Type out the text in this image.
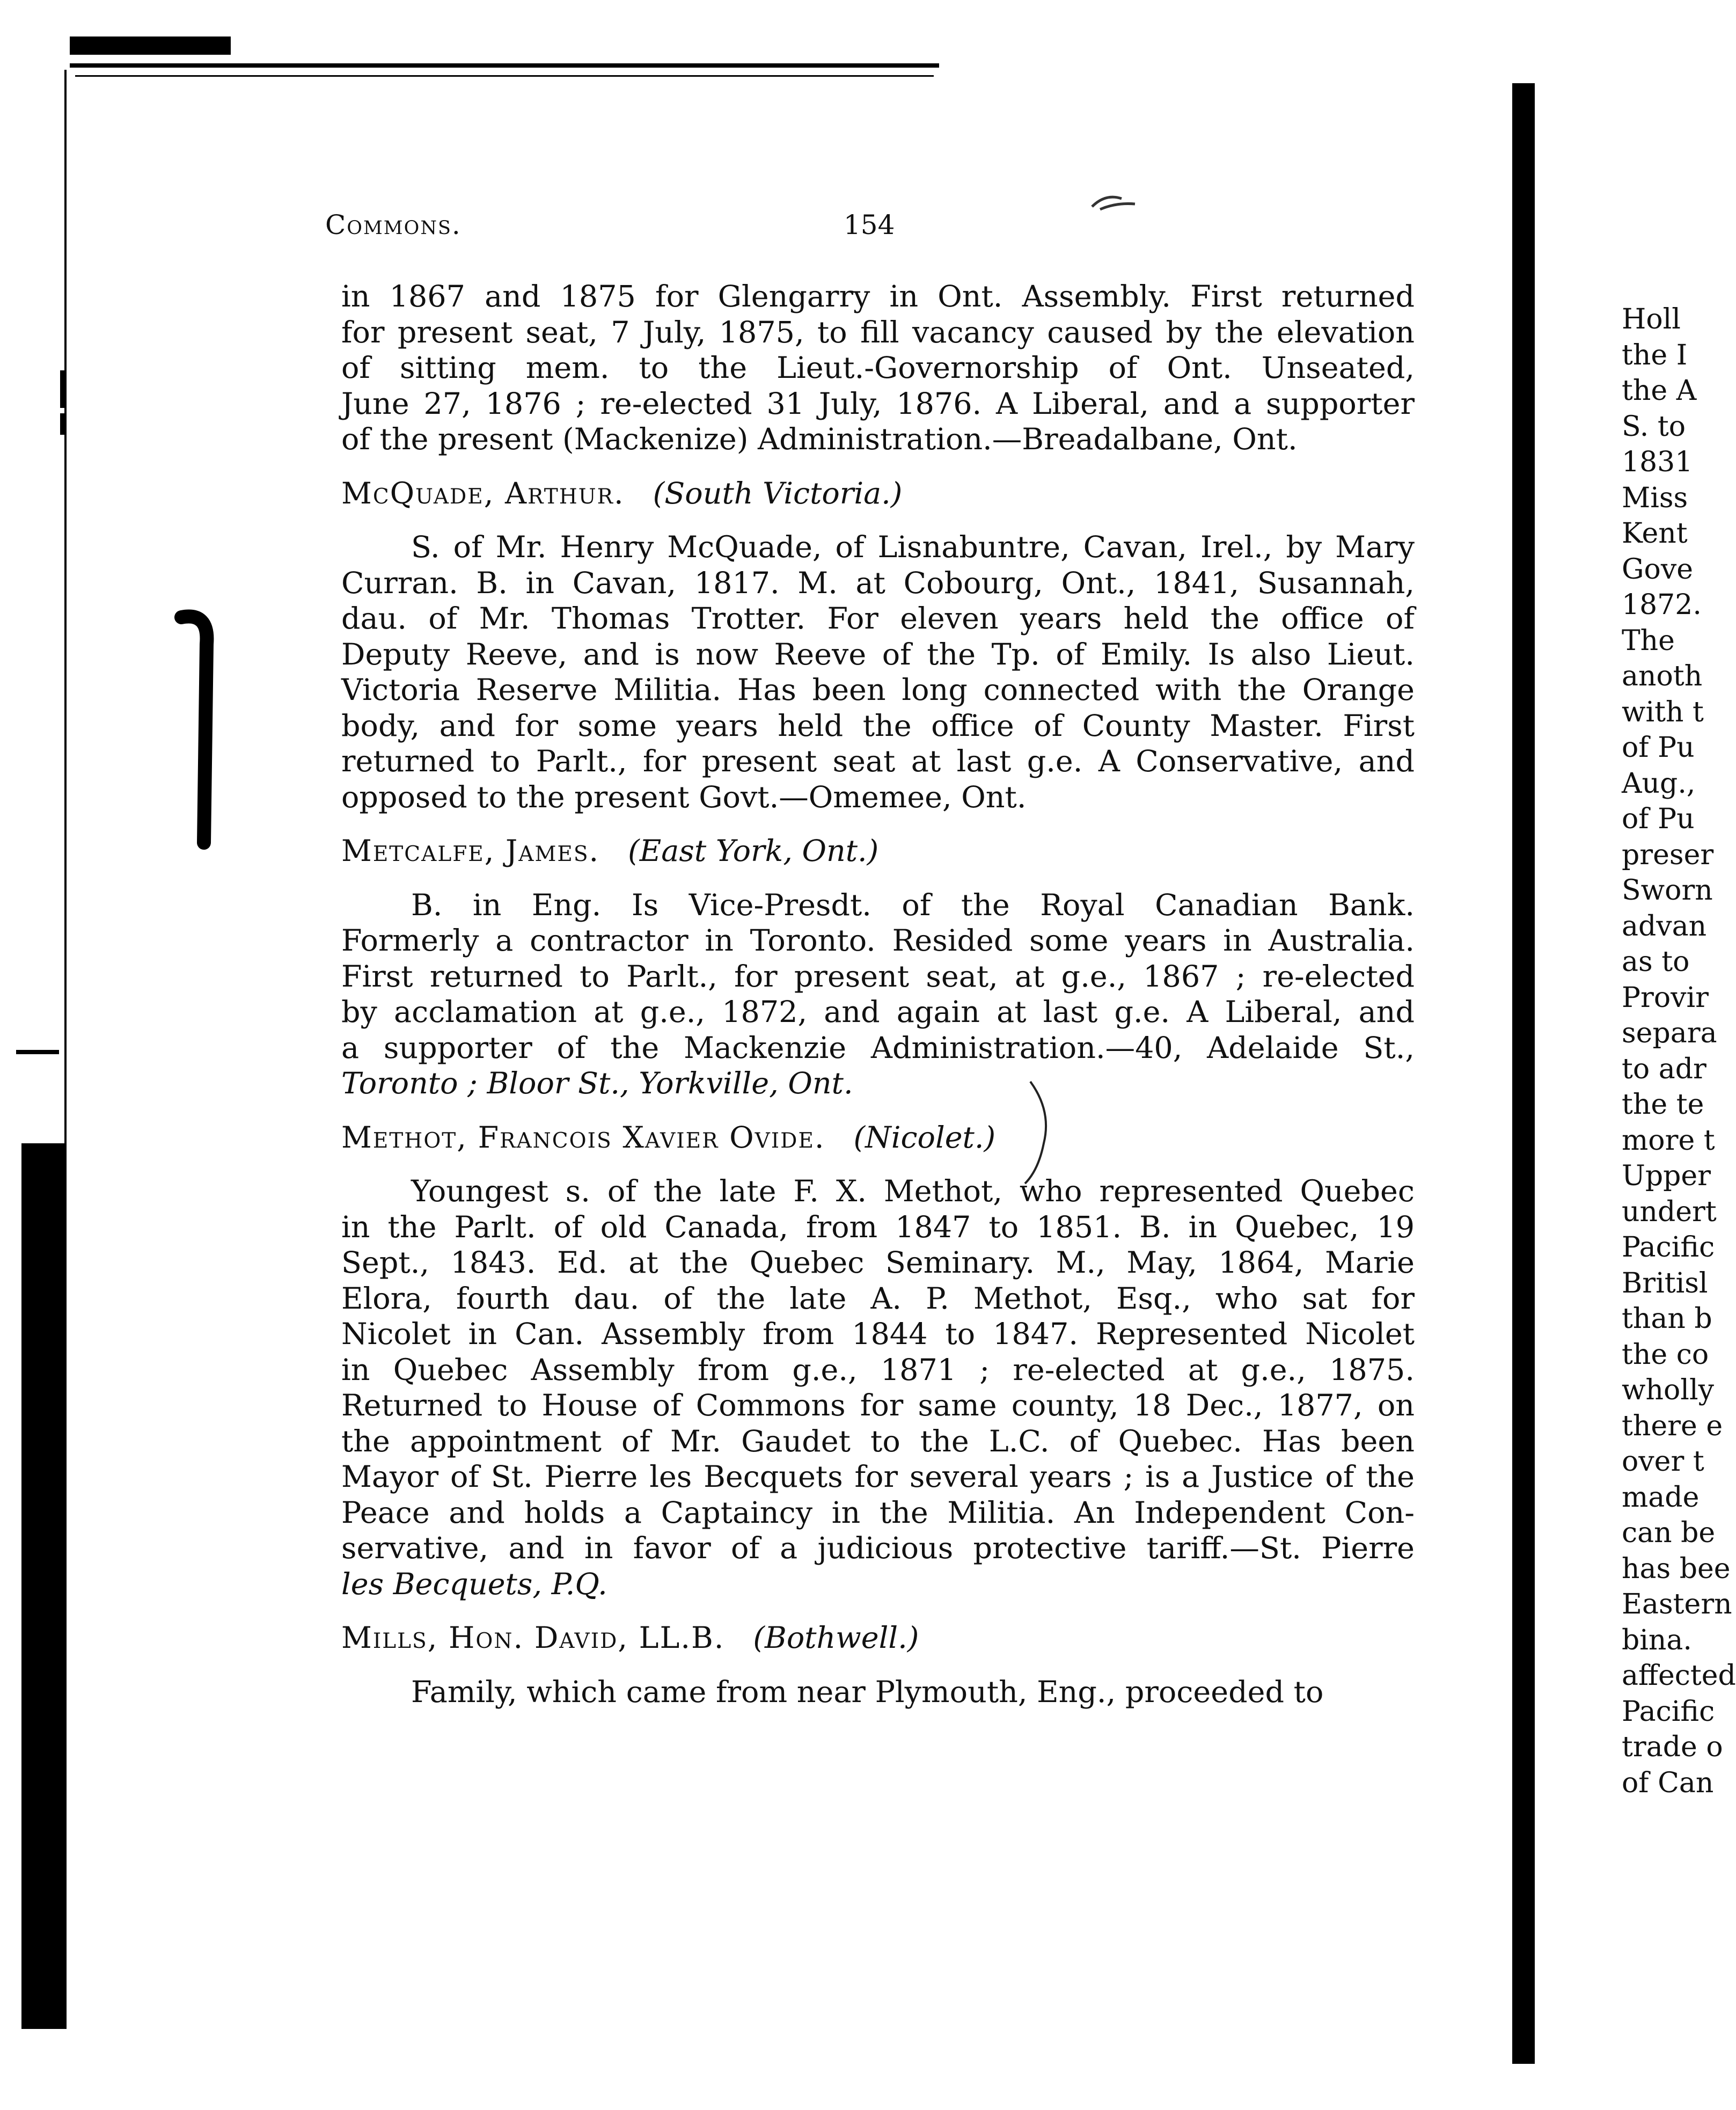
Commons.	154

in 1867 and 1875 for Glengarry in Ont. Assembly. First returned

for present seat, 7 July, 1875, to fill vacancy caused by the elevation

of sitting mem. to the Lieut.-Governorship of Ont. Unseated,

June 27, 1876 ; re-elected 31 July, 1876. A Liberal, and a supporter

of the present (Mackenize) Administration.—Breadalbane, Ont.

McQuade, Arthur. (South Victoria.)

S. of Mr. Henry McQuade, of Lisnabuntre, Cavan, Irel., by Mary

Curran. B. in Cavan, 1817. M. at Cobourg, Ont., 1841, Susannah,

dau. of Mr. Thomas Trotter. For eleven years held the office of

Deputy Reeve, and is now Reeve of the Tp. of Emily. Is also Lieut.

Victoria Reserve Militia. Has been long connected with the Orange

body, and for some years held the office of County Master. First

returned to Parlt., for present seat at last g.e. A Conservative, and

opposed to the present Govt.—Omemee, Ont.

Metcalfe, James. (East York, Ont.)

B. in Eng. Is Vice-Presdt. of the Royal Canadian Bank.

Formerly a contractor in Toronto. Resided some years in Australia.

First returned to Parlt., for present seat, at g.e., 1867 ; re-elected

by acclamation at g.e., 1872, and again at last g.e. A Liberal, and

a supporter of the Mackenzie Administration.—40, Adelaide St.,

Toronto ; Bloor St., Yorkville, Ont.

Methot, Francois Xavier Ovide. (Nicolet.)

Youngest s. of the late F. X. Methot, who represented Quebec

in the Parlt. of old Canada, from 1847 to 1851. B. in Quebec, 19

Sept., 1843. Ed. at the Quebec Seminary. M., May, 1864, Marie

Elora, fourth dau. of the late A. P. Methot, Esq., who sat for

Nicolet in Can. Assembly from 1844 to 1847. Represented Nicolet

in Quebec Assembly from g.e., 1871 ; re-elected at g.e., 1875.

Returned to House of Commons for same county, 18 Dec., 1877, on

the appointment of Mr. Gaudet to the L.C. of Quebec. Has been

Mayor of St. Pierre les Becquets for several years ; is a Justice of the

Peace and holds a Captaincy in the Militia. An Independent Con-

servative, and in favor of a judicious protective tariff.—St. Pierre

les Becquets, P.Q.

Mills, Hon. David, LL.B. (Bothwell.)

Family, which came from near Plymouth, Eng., proceeded to

Holl
the I
the A
S. to
1831
Miss
Kent
Gove
1872.
The
anoth
with t
of Pu
Aug.,
of Pu
preser
Sworn
advan
as to
Provir
separa
to adr
the te
more t
Upper
undert
Pacific
Britisl
than b
the co
wholly
there e
over t
made
can be
has bee
Eastern
bina.
affected
Pacific
trade o
of Can
